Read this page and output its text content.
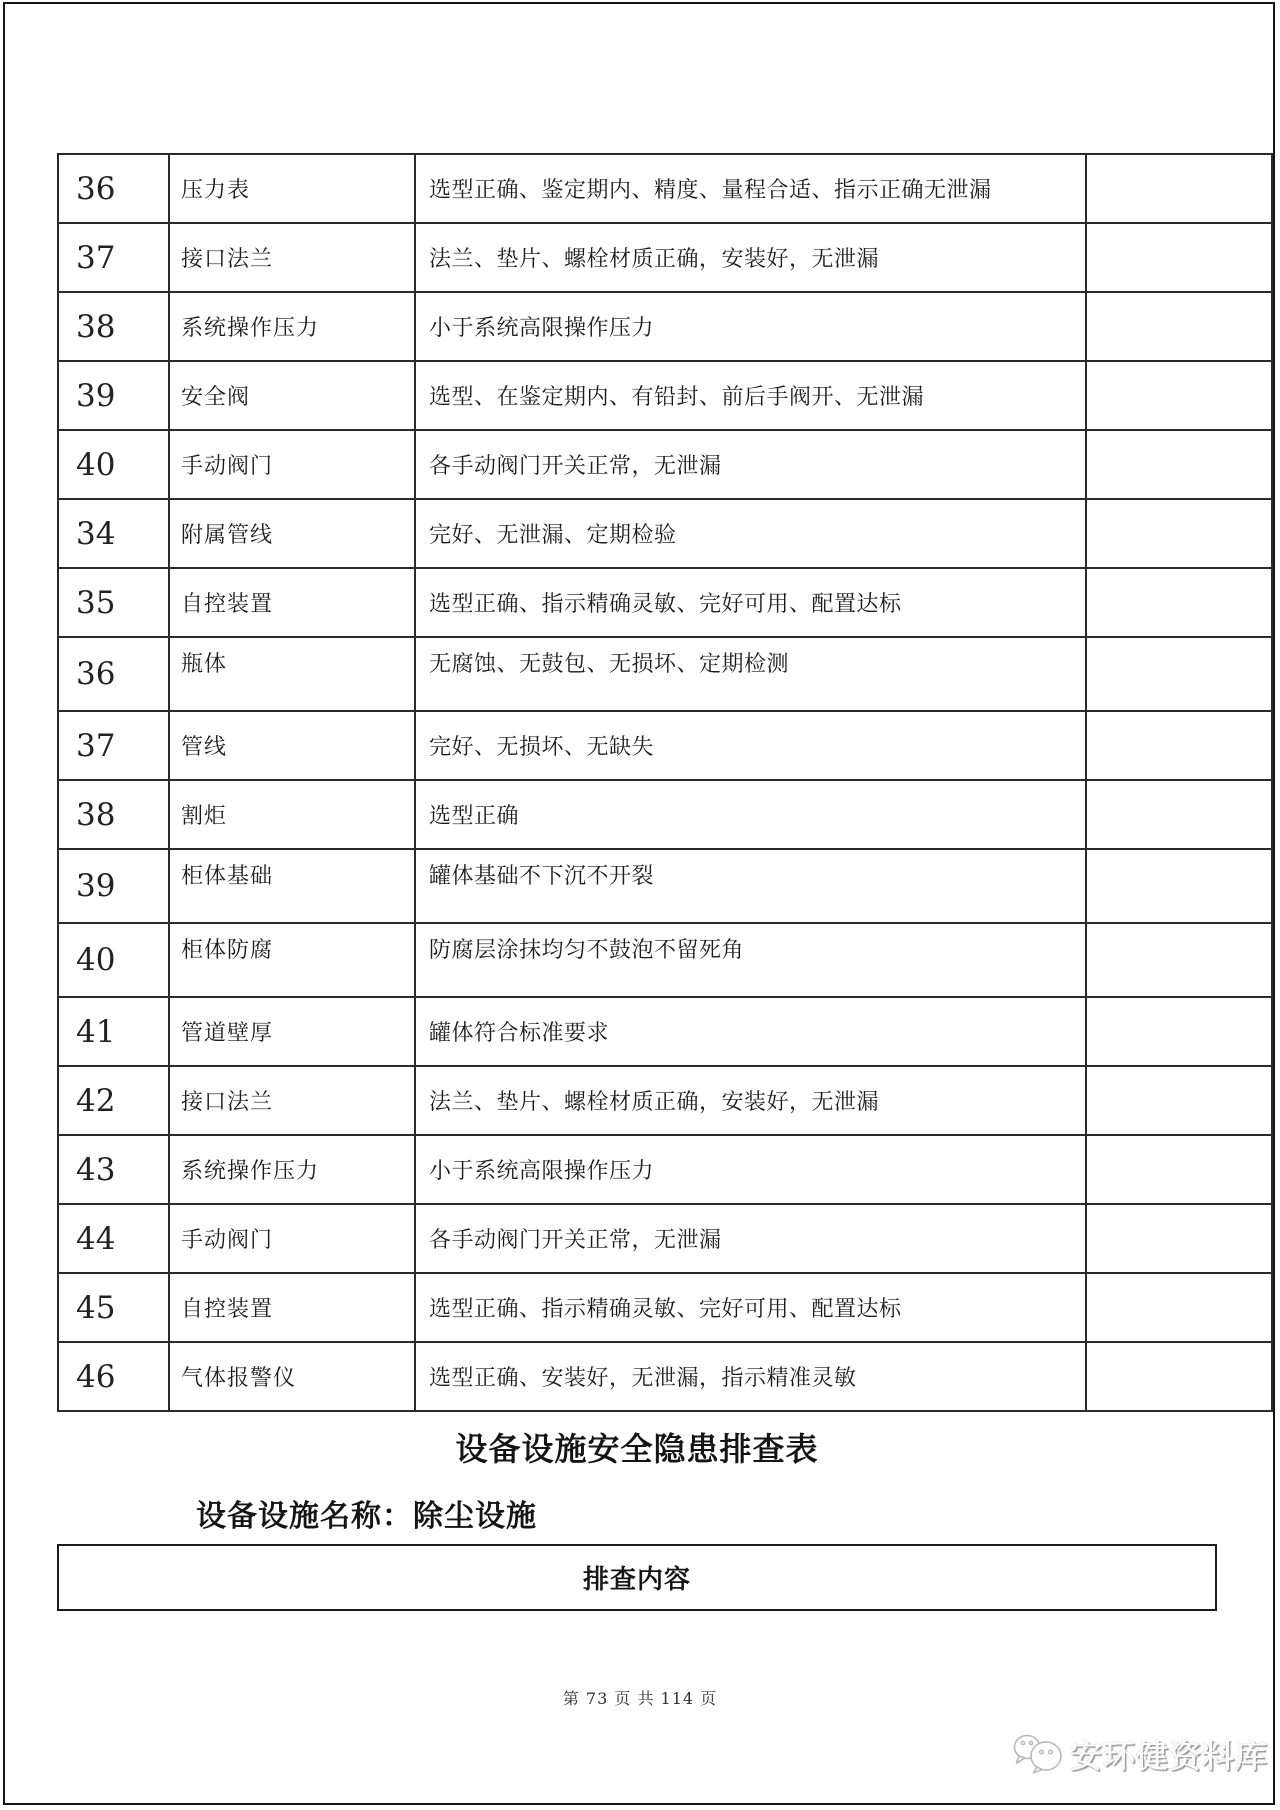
36	压力表	选型正确、鉴定期内、精度、量程合适、指示正确无泄漏	
37	接口法兰	法兰、垫片、螺栓材质正确，安装好，无泄漏	
38	系统操作压力	小于系统高限操作压力	
39	安全阀	选型、在鉴定期内、有铅封、前后手阀开、无泄漏	
40	手动阀门	各手动阀门开关正常，无泄漏	
34	附属管线	完好、无泄漏、定期检验	
35	自控装置	选型正确、指示精确灵敏、完好可用、配置达标	
36	瓶体	无腐蚀、无鼓包、无损坏、定期检测	
37	管线	完好、无损坏、无缺失	
38	割炬	选型正确	
39	柜体基础	罐体基础不下沉不开裂	
40	柜体防腐	防腐层涂抹均匀不鼓泡不留死角	
41	管道壁厚	罐体符合标准要求	
42	接口法兰	法兰、垫片、螺栓材质正确，安装好，无泄漏	
43	系统操作压力	小于系统高限操作压力	
44	手动阀门	各手动阀门开关正常，无泄漏	
45	自控装置	选型正确、指示精确灵敏、完好可用、配置达标	
46	气体报警仪	选型正确、安装好，无泄漏，指示精准灵敏	
设备设施安全隐患排查表
设备设施名称：除尘设施
排查内容
第 73 页 共 114 页
安环健资料库
